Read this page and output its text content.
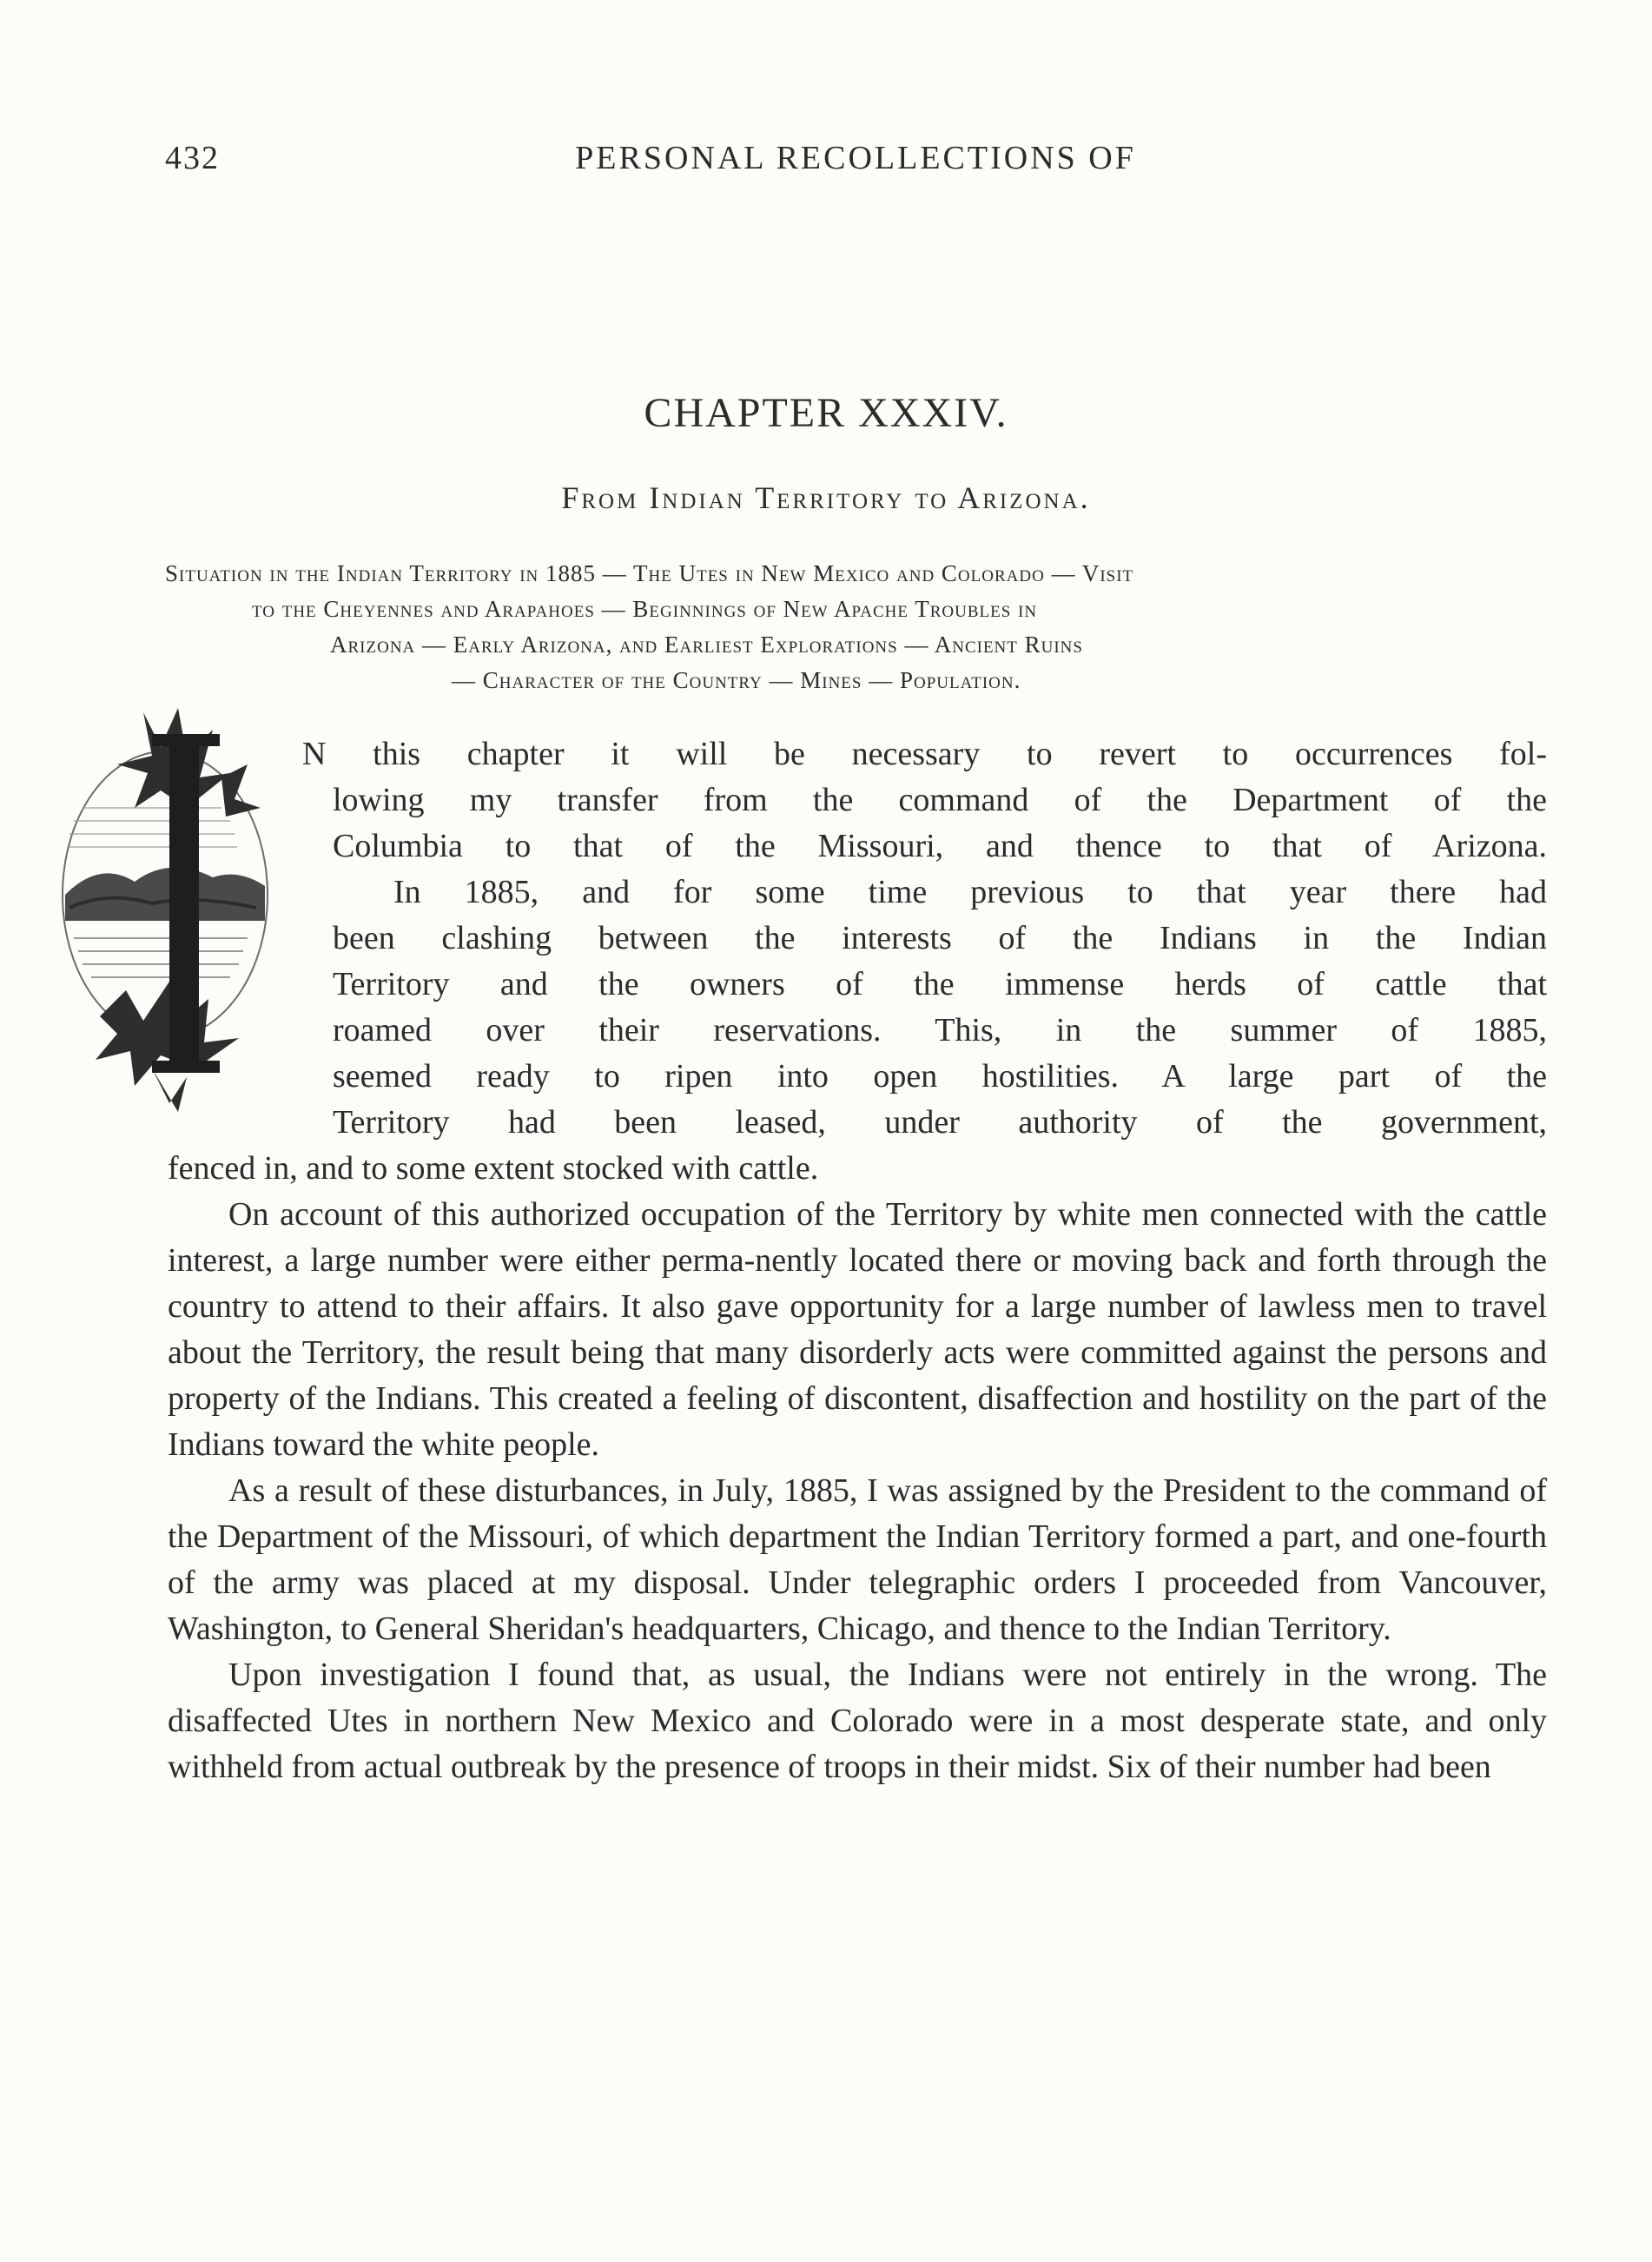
432	PERSONAL RECOLLECTIONS OF
CHAPTER XXXIV.
From Indian Territory to Arizona.
Situation in the Indian Territory in 1885 — The Utes in New Mexico and Colorado — Visit
to the Cheyennes and Arapahoes — Beginnings of New Apache Troubles in
Arizona — Early Arizona, and Earliest Explorations — Ancient Ruins
— Character of the Country — Mines — Population.
N this chapter it will be necessary to revert to occurrences fol-
lowing my transfer from the command of the Department of the
Columbia to that of the Missouri, and thence to that of Arizona.
In 1885, and for some time previous to that year there had
been clashing between the interests of the Indians in the Indian
Territory and the owners of the immense herds of cattle that
roamed over their reservations. This, in the summer of 1885,
seemed ready to ripen into open hostilities. A large part of the
Territory had been leased, under authority of the government,
fenced in, and to some extent stocked with cattle.
On account of this authorized occupation of the Territory by white men connected with the cattle interest, a large number were either perma-nently located there or moving back and forth through the country to attend to their affairs. It also gave opportunity for a large number of lawless men to travel about the Territory, the result being that many disorderly acts were committed against the persons and property of the Indians. This created a feeling of discontent, disaffection and hostility on the part of the Indians toward the white people.
As a result of these disturbances, in July, 1885, I was assigned by the President to the command of the Department of the Missouri, of which department the Indian Territory formed a part, and one-fourth of the army was placed at my disposal. Under telegraphic orders I proceeded from Vancouver, Washington, to General Sheridan's headquarters, Chicago, and thence to the Indian Territory.
Upon investigation I found that, as usual, the Indians were not entirely in the wrong. The disaffected Utes in northern New Mexico and Colorado were in a most desperate state, and only withheld from actual outbreak by the presence of troops in their midst. Six of their number had been
